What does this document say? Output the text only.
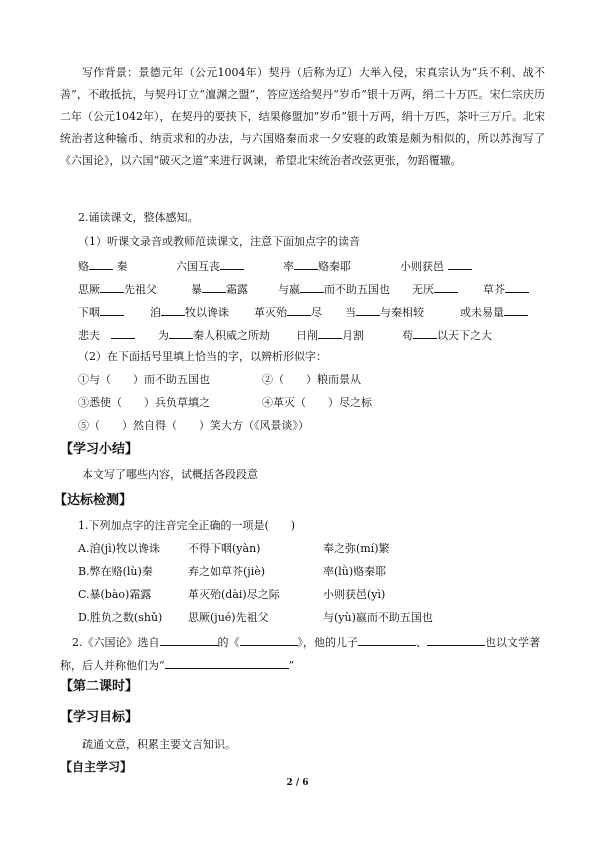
写作背景：景德元年（公元1004年）契丹（后称为辽）大举入侵，宋真宗认为“兵不利、战不善”，不敢抵抗，与契丹订立“澶渊之盟”，答应送给契丹“岁币”银十万两，绢二十万匹。宋仁宗庆历二年（公元1042年），在契丹的要挟下，结果修盟加“岁币”银十万两，绢十万匹，茶叶三万斤。北宋统治者这种输币、纳贡求和的办法，与六国赂秦而求一夕安寝的政策是颇为相似的，所以苏洵写了《六国论》，以六国“破灭之道”来进行讽谏，希望北宋统治者改弦更张，勿蹈覆辙。
2.诵读课文，整体感知。
（1）听课文录音或教师范读课文，注意下面加点字的读音
赂	秦	六国互丧	率 赂秦耶	小则获邑
思厥 先祖父	暴 霜露	与嬴 而不助五国也 无厌	草芥
下咽	洎 牧以谗诛 革灭殆 尽 当 与秦相较	或未易量
悲夫　	为 秦人积威之所劫 日削 月割	苟 以天下之大
（2）在下面括号里填上恰当的字，以辨析形似字：
①与（　　）而不助五国也	②（　　）粮而景从
③悉使（　　）兵负草填之	④革灭（　　）尽之标
⑤（　　）然自得（　　）笑大方（《风景谈》）
【学习小结】
本文写了哪些内容，试概括各段段意
【达标检测】
1.下列加点字的注音完全正确的一项是(　　)
A.洎(jì)牧以谗诛	不得下咽(yàn)	奉之弥(mí)繁
B.弊在赂(lù)秦	弃之如草芥(jiè)	率(lǜ)赂秦耶
C.暴(bào)霜露	革灭殆(dài)尽之际	小则获邑(yì)
D.胜负之数(shǔ) 思厥(jué)先祖父	与(yù)嬴而不助五国也
2.《六国论》选自	的《	》，他的儿子	、	也以文学著
称，后人并称他们为“	”
【第二课时】
【学习目标】
疏通文意，积累主要文言知识。
【自主学习】
2 / 6
